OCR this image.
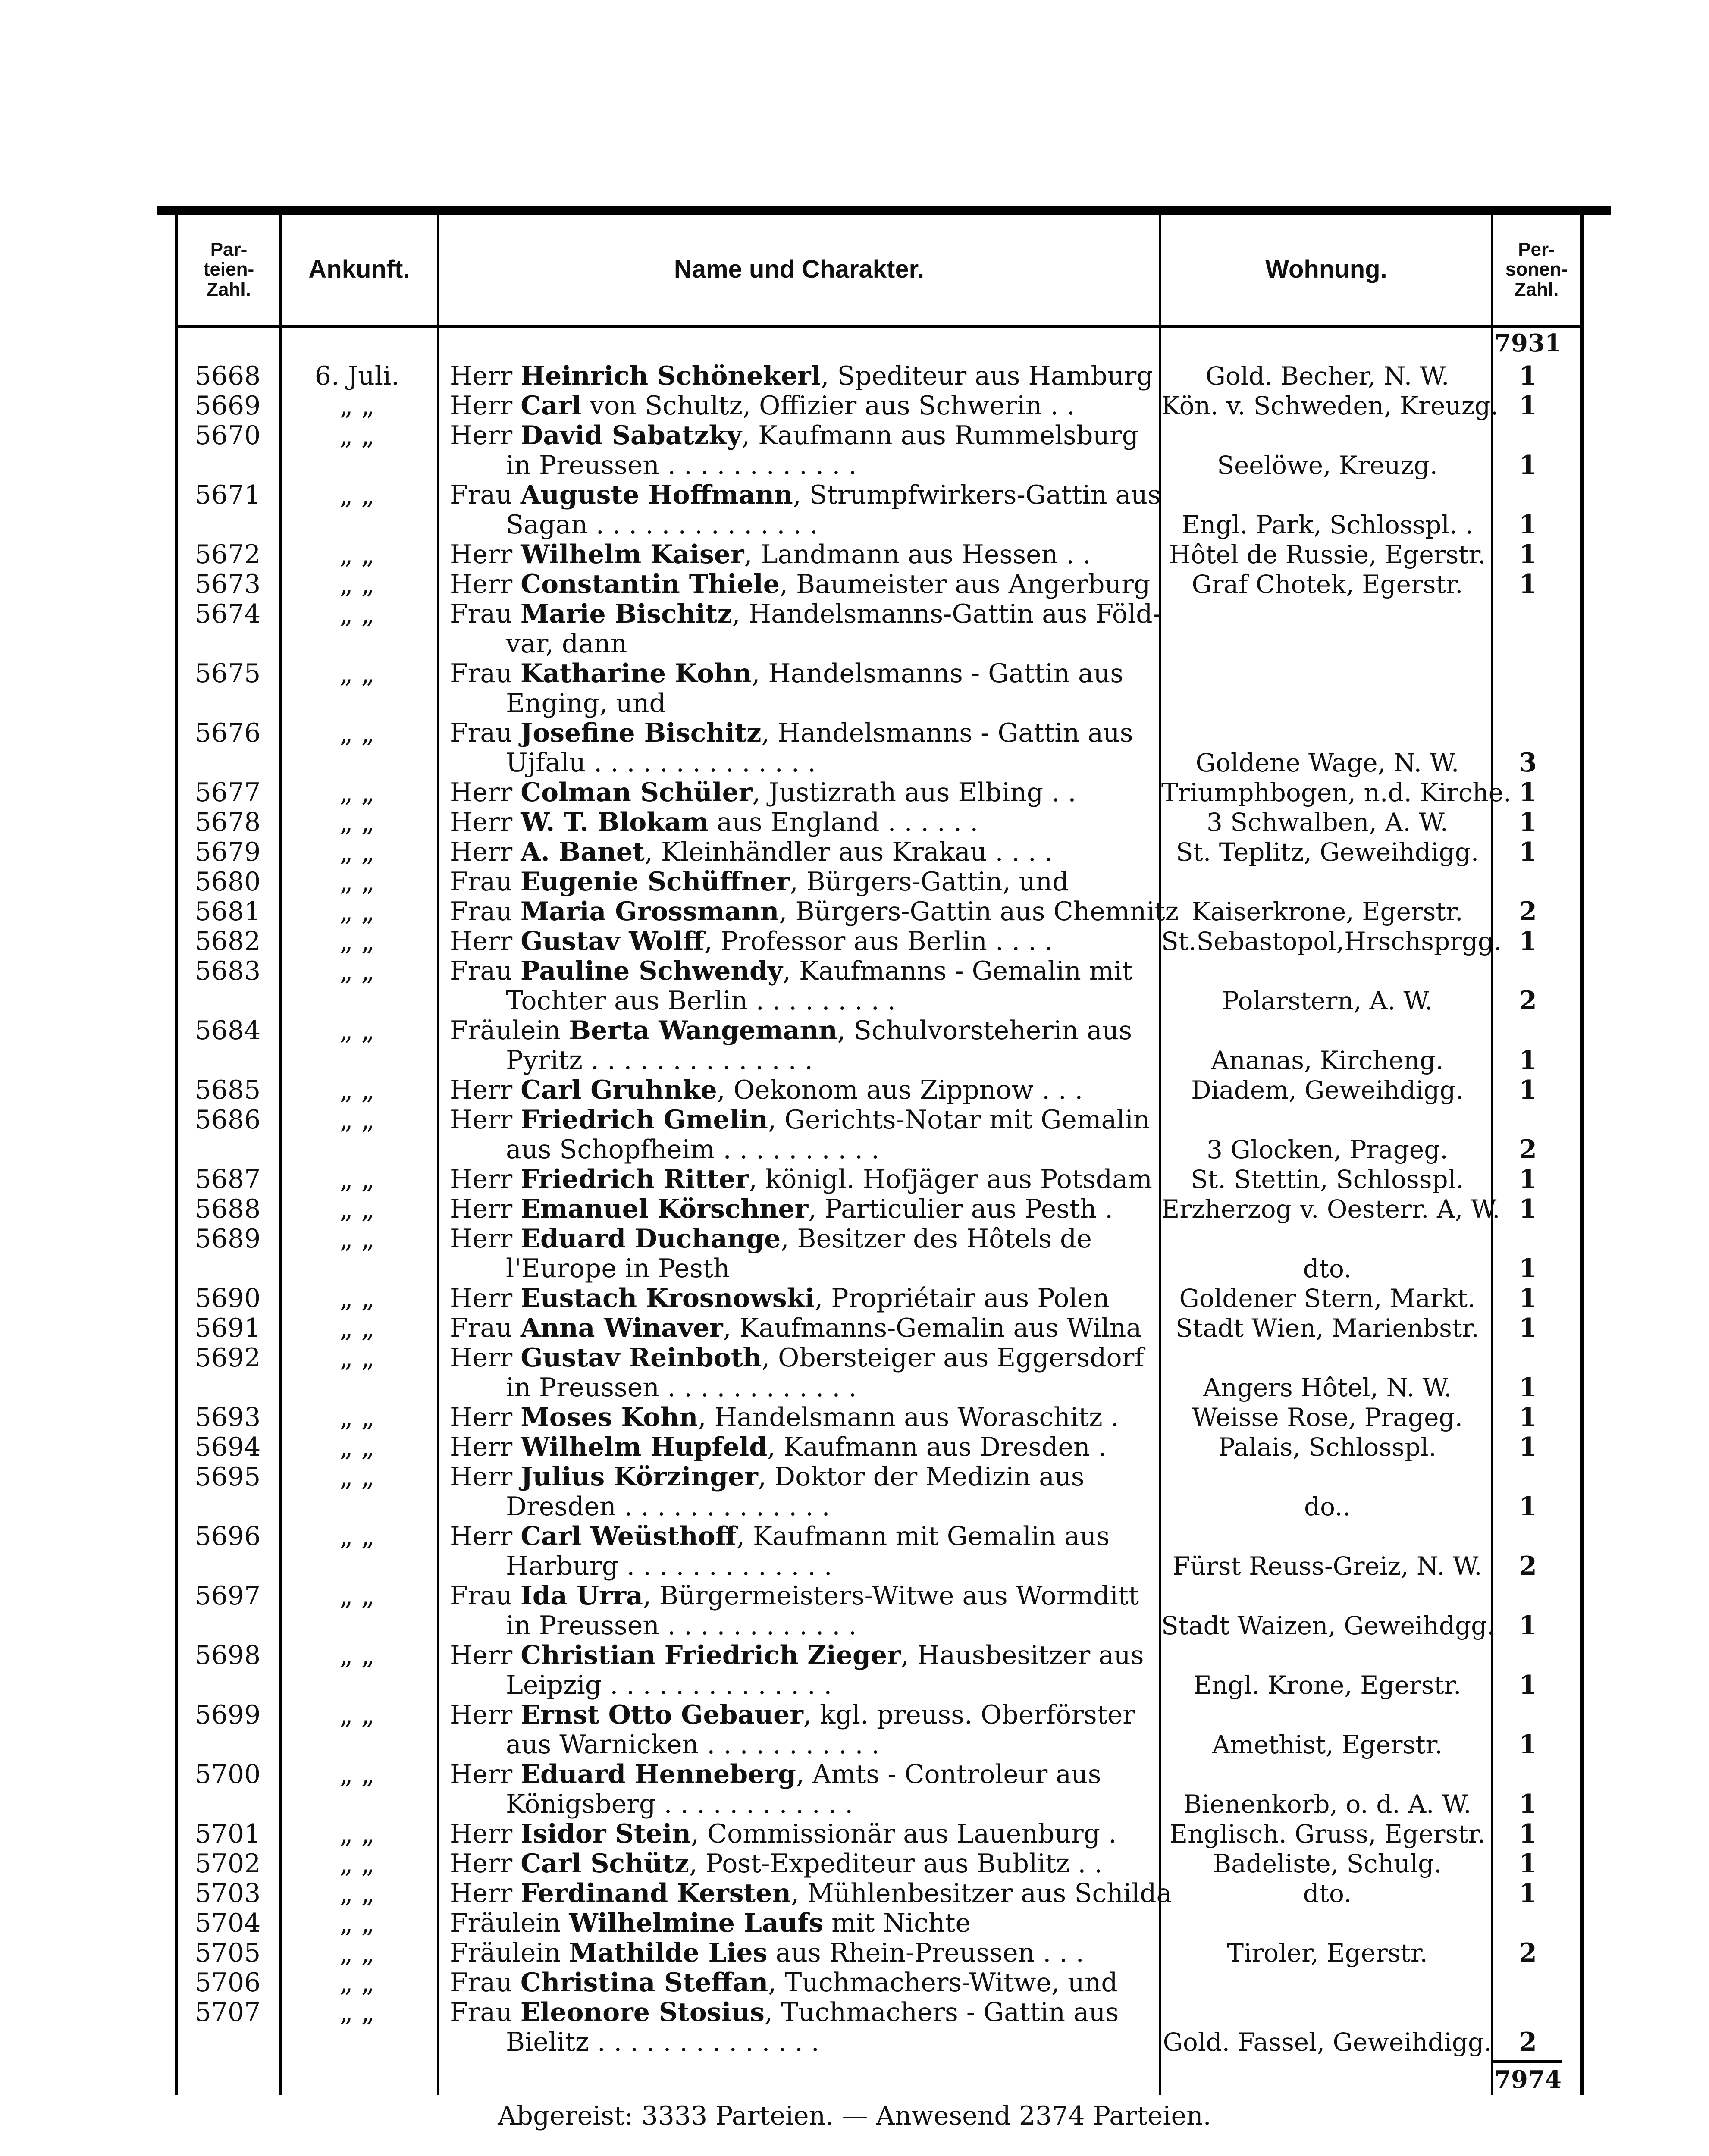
Par-
teien-
Zahl.
Ankunft.	Name und Charakter.	Wohnung.
Per-
sonen-
Zahl.
7931
5668	6. Juli.	Herr Heinrich Schönekerl, Spediteur aus Hamburg	Gold. Becher, N. W.	1
5669	„ „	Herr Carl von Schultz, Offizier aus Schwerin . .	Kön. v. Schweden, Kreuzg. 1
5670	„ „	Herr David Sabatzky, Kaufmann aus Rummelsburg
in Preussen . . . . . . . . . . . .	Seelöwe, Kreuzg.	1
5671	„ „	Frau Auguste Hoffmann, Strumpfwirkers-Gattin aus
Sagan . . . . . . . . . . . . . .	Engl. Park, Schlosspl. .	1
5672	„ „	Herr Wilhelm Kaiser, Landmann aus Hessen . .	Hôtel de Russie, Egerstr.	1
5673	„ „	Herr Constantin Thiele, Baumeister aus Angerburg	Graf Chotek, Egerstr.	1
5674	„ „	Frau Marie Bischitz, Handelsmanns-Gattin aus Föld-
var, dann
5675	„ „	Frau Katharine Kohn, Handelsmanns - Gattin aus
Enging, und
5676	„ „	Frau Josefine Bischitz, Handelsmanns - Gattin aus
Ujfalu . . . . . . . . . . . . . .	Goldene Wage, N. W.	3
5677	„ „	Herr Colman Schüler, Justizrath aus Elbing . .	Triumphbogen, n.d. Kirche. 1
5678	„ „	Herr W. T. Blokam aus England . . . . . .	3 Schwalben, A. W.	1
5679	„ „	Herr A. Banet, Kleinhändler aus Krakau . . . .	St. Teplitz, Geweihdigg.	1
5680	„ „	Frau Eugenie Schüffner, Bürgers-Gattin, und
5681	„ „	Frau Maria Grossmann, Bürgers-Gattin aus Chemnitz Kaiserkrone, Egerstr.	2
5682	„ „	Herr Gustav Wolff, Professor aus Berlin . . . .	St.Sebastopol,Hrschsprgg. 1
5683	„ „	Frau Pauline Schwendy, Kaufmanns - Gemalin mit
Tochter aus Berlin . . . . . . . . .	Polarstern, A. W.	2
5684	„ „	Fräulein Berta Wangemann, Schulvorsteherin aus
Pyritz . . . . . . . . . . . . . .	Ananas, Kircheng.	1
5685	„ „	Herr Carl Gruhnke, Oekonom aus Zippnow . . .	Diadem, Geweihdigg.	1
5686	„ „	Herr Friedrich Gmelin, Gerichts-Notar mit Gemalin
aus Schopfheim . . . . . . . . . .	3 Glocken, Prageg.	2
5687	„ „	Herr Friedrich Ritter, königl. Hofjäger aus Potsdam	St. Stettin, Schlosspl.	1
5688	„ „	Herr Emanuel Körschner, Particulier aus Pesth .	Erzherzog v. Oesterr. A, W. 1
5689	„ „	Herr Eduard Duchange, Besitzer des Hôtels de
l'Europe in Pesth	dto.	1
5690	„ „	Herr Eustach Krosnowski, Propriétair aus Polen	Goldener Stern, Markt.	1
5691	„ „	Frau Anna Winaver, Kaufmanns-Gemalin aus Wilna	Stadt Wien, Marienbstr.	1
5692	„ „	Herr Gustav Reinboth, Obersteiger aus Eggersdorf
in Preussen . . . . . . . . . . . .	Angers Hôtel, N. W.	1
5693	„ „	Herr Moses Kohn, Handelsmann aus Woraschitz .	Weisse Rose, Prageg.	1
5694	„ „	Herr Wilhelm Hupfeld, Kaufmann aus Dresden .	Palais, Schlosspl.	1
5695	„ „	Herr Julius Körzinger, Doktor der Medizin aus
Dresden . . . . . . . . . . . . .	do..	1
5696	„ „	Herr Carl Weüsthoff, Kaufmann mit Gemalin aus
Harburg . . . . . . . . . . . . .	Fürst Reuss-Greiz, N. W.	2
5697	„ „	Frau Ida Urra, Bürgermeisters-Witwe aus Wormditt
in Preussen . . . . . . . . . . . .	Stadt Waizen, Geweihdgg. 1
5698	„ „	Herr Christian Friedrich Zieger, Hausbesitzer aus
Leipzig . . . . . . . . . . . . . .	Engl. Krone, Egerstr.	1
5699	„ „	Herr Ernst Otto Gebauer, kgl. preuss. Oberförster
aus Warnicken . . . . . . . . . . .	Amethist, Egerstr.	1
5700	„ „	Herr Eduard Henneberg, Amts - Controleur aus
Königsberg . . . . . . . . . . . .	Bienenkorb, o. d. A. W.	1
5701	„ „	Herr Isidor Stein, Commissionär aus Lauenburg .	Englisch. Gruss, Egerstr.	1
5702	„ „	Herr Carl Schütz, Post-Expediteur aus Bublitz . .	Badeliste, Schulg.	1
5703	„ „	Herr Ferdinand Kersten, Mühlenbesitzer aus Schilda	dto.	1
5704	„ „	Fräulein Wilhelmine Laufs mit Nichte
5705	„ „	Fräulein Mathilde Lies aus Rhein-Preussen . . .	Tiroler, Egerstr.	2
5706	„ „	Frau Christina Steffan, Tuchmachers-Witwe, und
5707	„ „	Frau Eleonore Stosius, Tuchmachers - Gattin aus
Bielitz . . . . . . . . . . . . . .	Gold. Fassel, Geweihdigg.	2
7974
Abgereist: 3333 Parteien. — Anwesend 2374 Parteien.
